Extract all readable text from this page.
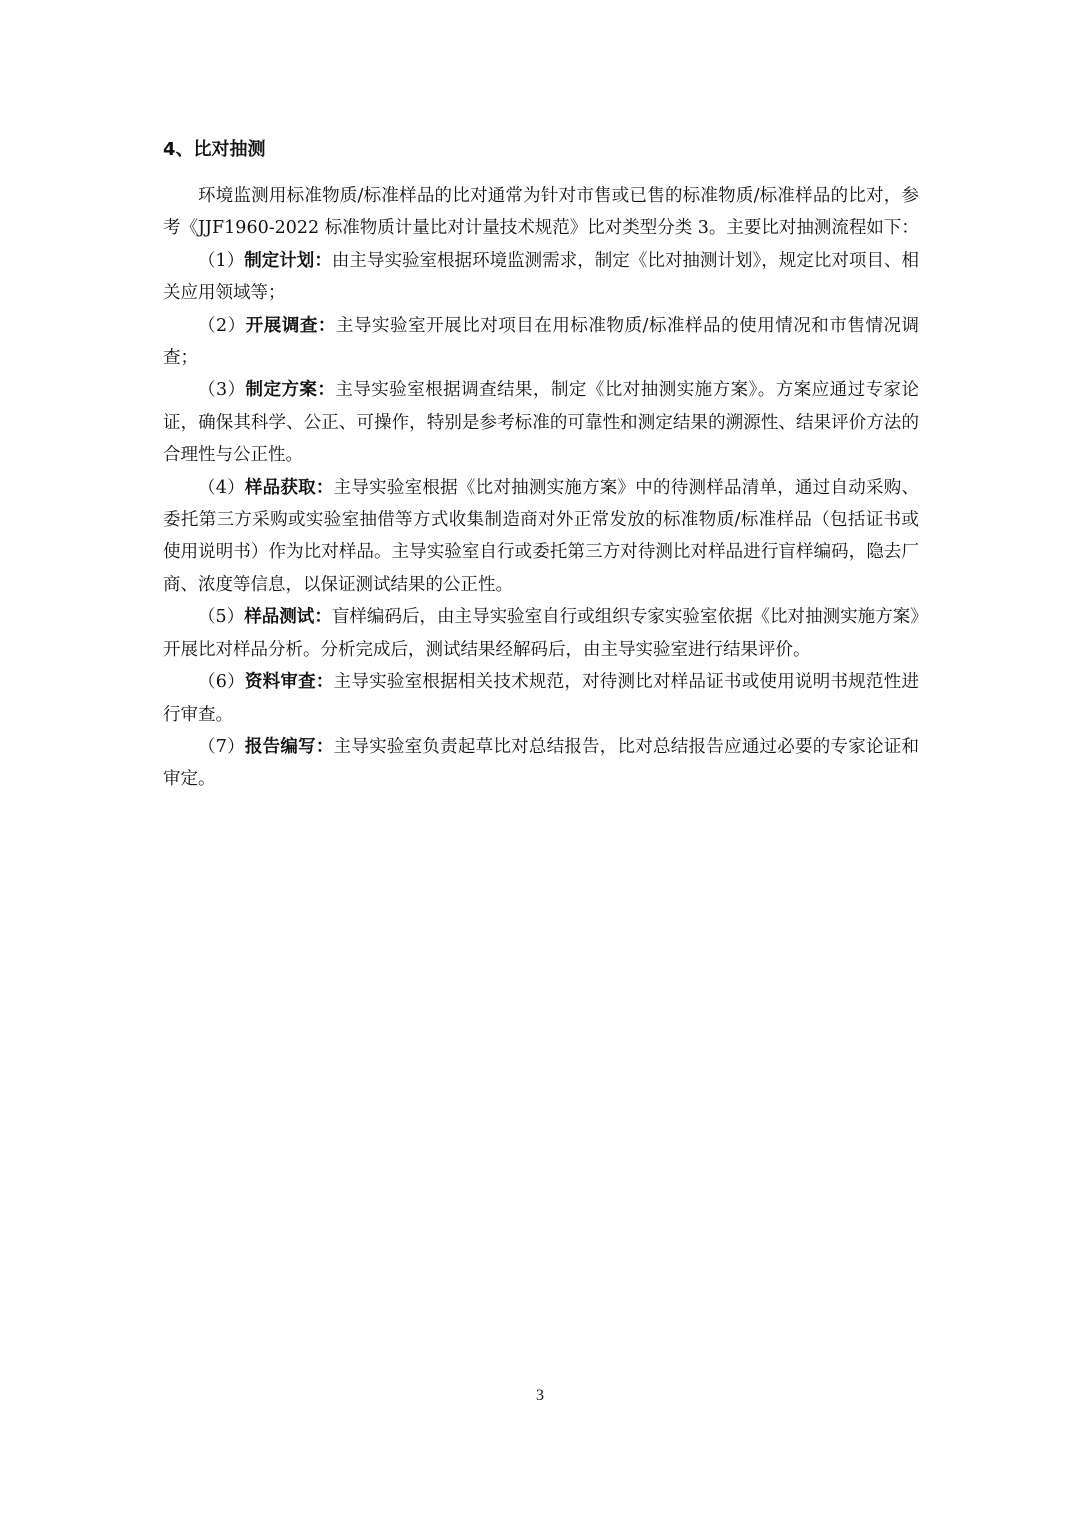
4、比对抽测

环境监测用标准物质/标准样品的比对通常为针对市售或已售的标准物质/标准样品的比对，参考《JJF1960-2022 标准物质计量比对计量技术规范》比对类型分类 3。主要比对抽测流程如下：

（1）制定计划：由主导实验室根据环境监测需求，制定《比对抽测计划》，规定比对项目、相关应用领域等；

（2）开展调查：主导实验室开展比对项目在用标准物质/标准样品的使用情况和市售情况调查；

（3）制定方案：主导实验室根据调查结果，制定《比对抽测实施方案》。方案应通过专家论证，确保其科学、公正、可操作，特别是参考标准的可靠性和测定结果的溯源性、结果评价方法的合理性与公正性。

（4）样品获取：主导实验室根据《比对抽测实施方案》中的待测样品清单，通过自动采购、委托第三方采购或实验室抽借等方式收集制造商对外正常发放的标准物质/标准样品（包括证书或使用说明书）作为比对样品。主导实验室自行或委托第三方对待测比对样品进行盲样编码，隐去厂商、浓度等信息，以保证测试结果的公正性。

（5）样品测试：盲样编码后，由主导实验室自行或组织专家实验室依据《比对抽测实施方案》开展比对样品分析。分析完成后，测试结果经解码后，由主导实验室进行结果评价。

（6）资料审查：主导实验室根据相关技术规范，对待测比对样品证书或使用说明书规范性进行审查。

（7）报告编写：主导实验室负责起草比对总结报告，比对总结报告应通过必要的专家论证和审定。

3
